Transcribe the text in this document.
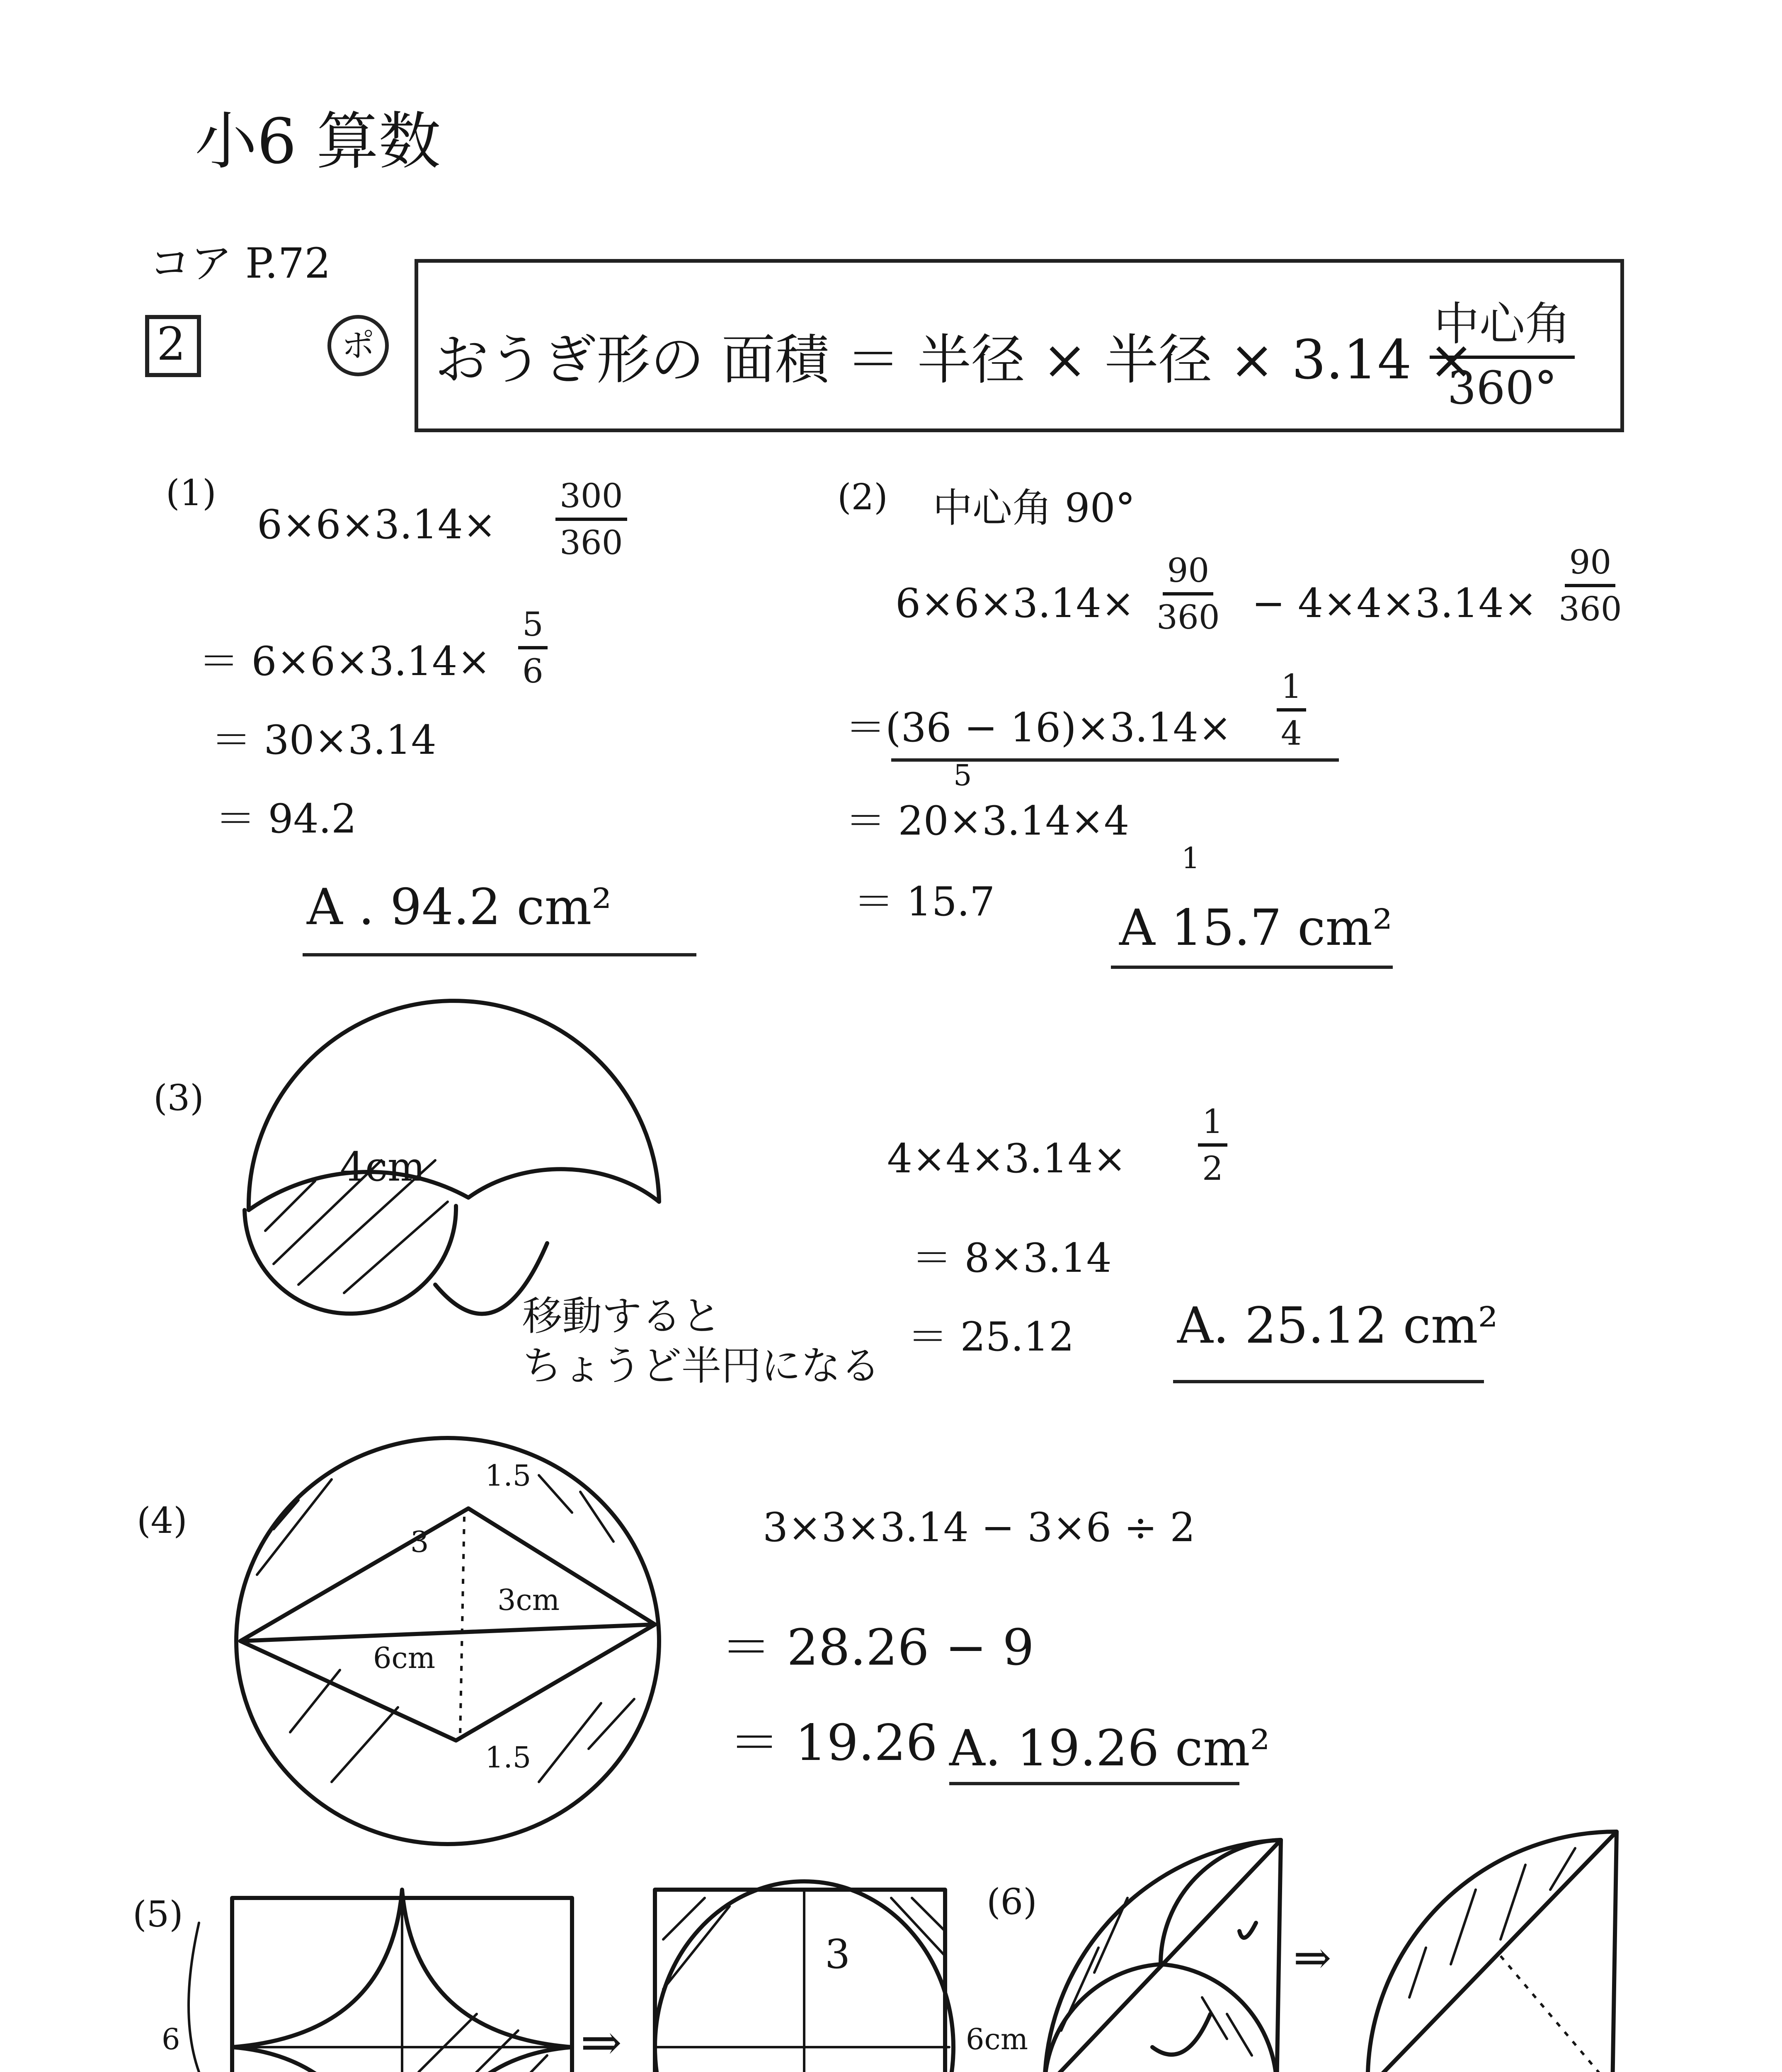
小6 算数
コア P.72
2	ポ おうぎ形の 面積 ＝ 半径 × 半径 × 3.14 ×
中心角
360°
(1)
$6\times 6\times 3.14\times \frac{300}{360}$
＝ $6\times 6\times 3.14\times \frac{5}{6}$
＝ 30×3.14
＝ 94.2
A . 94.2 cm²
(2) 中心角 90°
$6\times 6\times 3.14\times \frac{90}{360} - 4\times 4\times 3.14\times \frac{90}{360}$
$=(36 - 16)\times 3.14\times \frac{1}{4}$
5
＝ 20×3.14×4
1
＝ 15.7 A 15.7 cm²
(3)
4cm
移動すると
ちょうど半円になる
$4\times 4\times 3.14\times \frac{1}{2}$
＝ 8×3.14
＝ 25.12 A. 25.12 cm²
(4)
1.5
3
3cm
6cm
1.5
3×3×3.14 − 3×6 ÷ 2
＝ 28.26 − 9
＝ 19.26 A. 19.26 cm²
(5)
6	⇒
3
6cm
(6)
⇒
